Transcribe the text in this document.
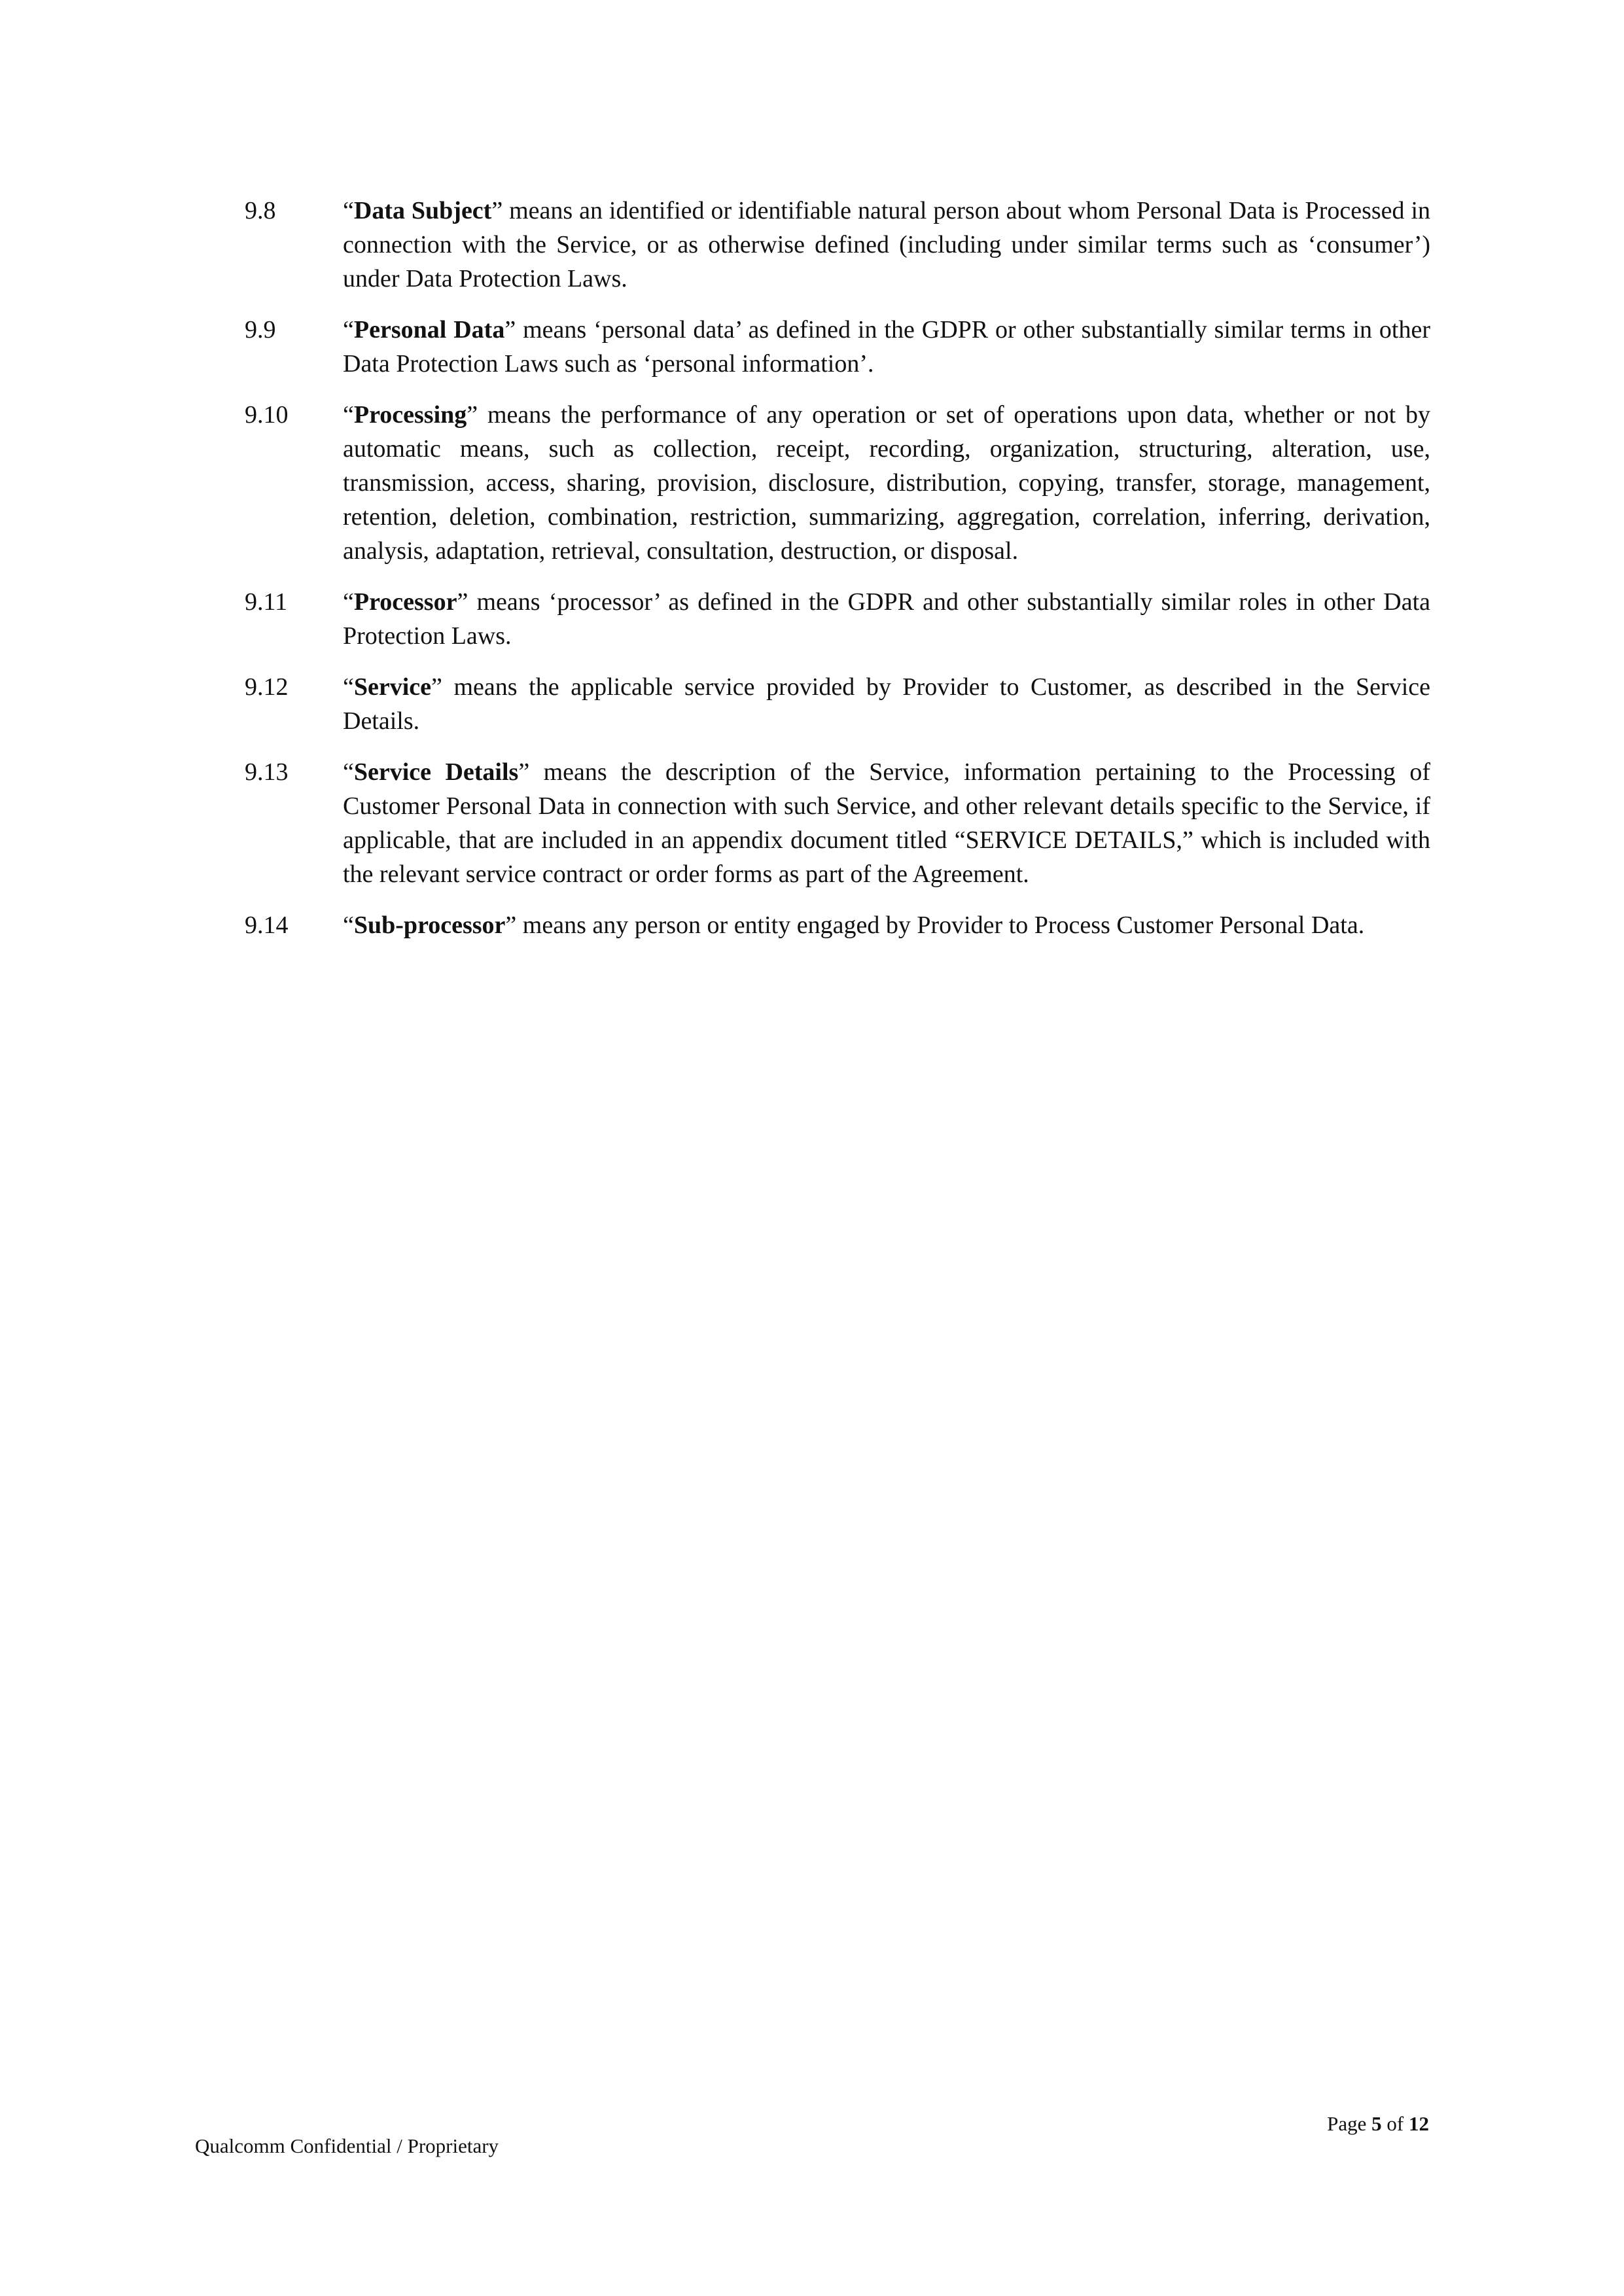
9.8	“Data Subject” means an identified or identifiable natural person about whom Personal Data is Processed in connection with the Service, or as otherwise defined (including under similar terms such as ‘consumer’) under Data Protection Laws.
9.9	“Personal Data” means ‘personal data’ as defined in the GDPR or other substantially similar terms in other Data Protection Laws such as ‘personal information’.
9.10	“Processing” means the performance of any operation or set of operations upon data, whether or not by automatic means, such as collection, receipt, recording, organization, structuring, alteration, use, transmission, access, sharing, provision, disclosure, distribution, copying, transfer, storage, management, retention, deletion, combination, restriction, summarizing, aggregation, correlation, inferring, derivation, analysis, adaptation, retrieval, consultation, destruction, or disposal.
9.11	“Processor” means ‘processor’ as defined in the GDPR and other substantially similar roles in other Data Protection Laws.
9.12	“Service” means the applicable service provided by Provider to Customer, as described in the Service Details.
9.13	“Service Details” means the description of the Service, information pertaining to the Processing of Customer Personal Data in connection with such Service, and other relevant details specific to the Service, if applicable, that are included in an appendix document titled “SERVICE DETAILS,” which is included with the relevant service contract or order forms as part of the Agreement.
9.14	“Sub-processor” means any person or entity engaged by Provider to Process Customer Personal Data.
Page 5 of 12
Qualcomm Confidential / Proprietary
